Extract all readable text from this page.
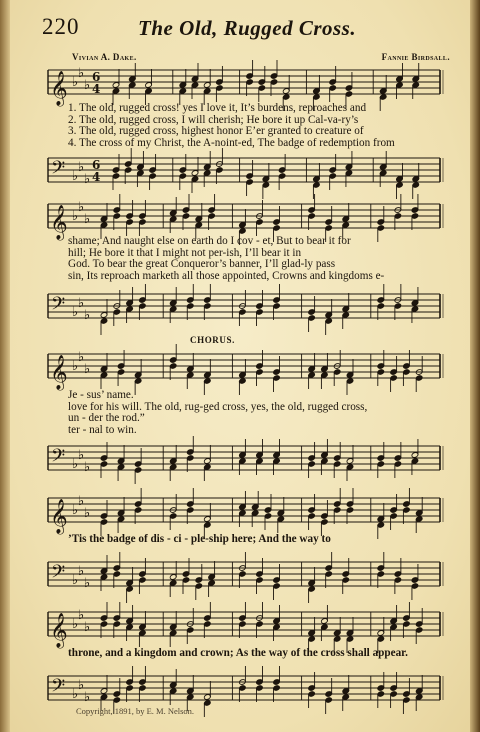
220	The Old, Rugged Cross.
Vivian A. Dake.	Fannie Birdsall.
𝄞 ♭
♭
♭
6
4
1. The old, rugged cross! yes I love it, It’s burdens, reproaches and
2. The old, rugged cross, I will cherish; He bore it up Cal-va-ry’s
3. The old, rugged cross, highest honor E’er granted to creature of
4. The cross of my Christ, the A-noint-ed, The badge of redemption from
𝄢 ♭
♭
♭
6
4
𝄞 ♭
♭
♭
shame; And naught else on earth do I cov - et, But to bear it for
hill; He bore it that I might not per-ish, I’ll bear it in
God. To bear the great Conqueror’s banner, I’ll glad-ly pass
sin, Its reproach marketh all those appointed, Crowns and kingdoms e-
𝄢 ♭
♭
♭
CHORUS.
𝄞 ♭
♭
♭
Je - sus’ name.
love for his will. The old, rug-ged cross, yes, the old, rugged cross,
un - der the rod.”
ter - nal to win.
𝄢 ♭
♭
♭
𝄞 ♭
♭
♭
’Tis the badge of dis - ci - ple-ship here; And the way to
𝄢 ♭
♭
♭
𝄞 ♭
♭
♭
throne, and a kingdom and crown; As the way of the cross shall appear.
𝄢 ♭
♭
♭
Copyright, 1891, by E. M. Nelson.
